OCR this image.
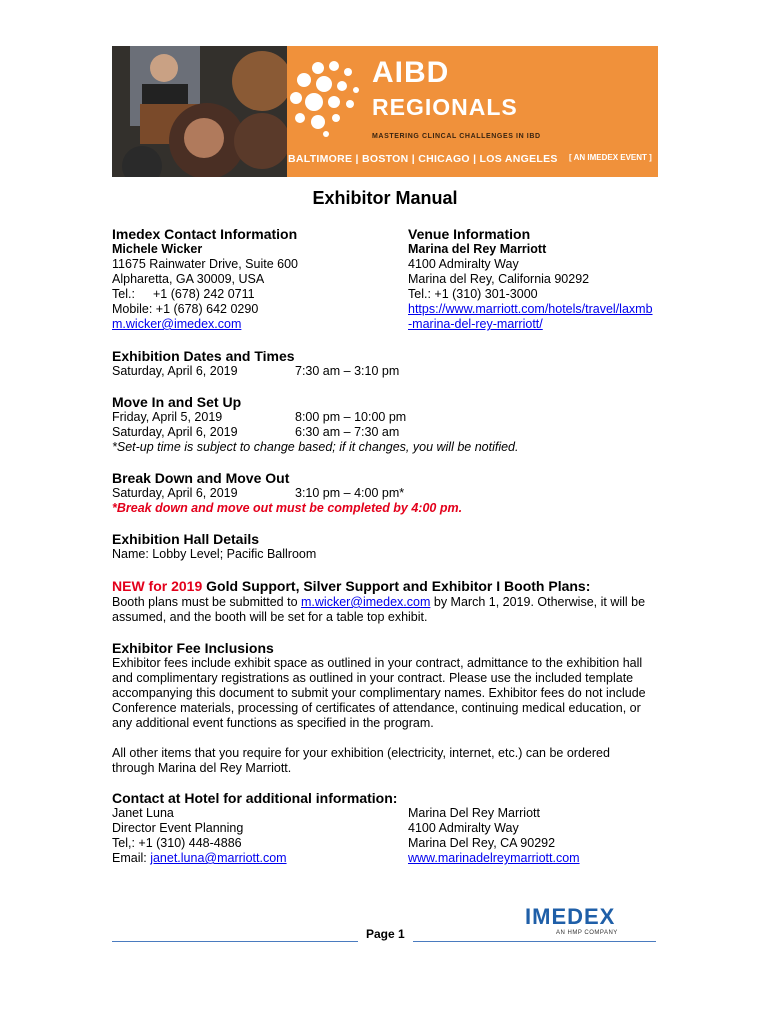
AIBD
REGIONALS
MASTERING CLINCAL CHALLENGES IN IBD
BALTIMORE | BOSTON | CHICAGO | LOS ANGELES [ AN IMEDEX EVENT ]
Exhibitor Manual
Imedex Contact Information
Michele Wicker
11675 Rainwater Drive, Suite 600
Alpharetta, GA 30009, USA
Tel.: +1 (678) 242 0711
Mobile: +1 (678) 642 0290
m.wicker@imedex.com
Venue Information
Marina del Rey Marriott
4100 Admiralty Way
Marina del Rey, California 90292
Tel.: +1 (310) 301-3000
https://www.marriott.com/hotels/travel/laxmb
-marina-del-rey-marriott/
Exhibition Dates and Times
Saturday, April 6, 2019	7:30 am – 3:10 pm
Move In and Set Up
Friday, April 5, 2019	8:00 pm – 10:00 pm
Saturday, April 6, 2019	6:30 am – 7:30 am
*Set-up time is subject to change based; if it changes, you will be notified.
Break Down and Move Out
Saturday, April 6, 2019	3:10 pm – 4:00 pm*
*Break down and move out must be completed by 4:00 pm.
Exhibition Hall Details
Name: Lobby Level; Pacific Ballroom
NEW for 2019 Gold Support, Silver Support and Exhibitor I Booth Plans:
Booth plans must be submitted to m.wicker@imedex.com by March 1, 2019. Otherwise, it will be
assumed, and the booth will be set for a table top exhibit.
Exhibitor Fee Inclusions
Exhibitor fees include exhibit space as outlined in your contract, admittance to the exhibition hall
and complimentary registrations as outlined in your contract. Please use the included template
accompanying this document to submit your complimentary names. Exhibitor fees do not include
Conference materials, processing of certificates of attendance, continuing medical education, or
any additional event functions as specified in the program.
All other items that you require for your exhibition (electricity, internet, etc.) can be ordered
through Marina del Rey Marriott.
Contact at Hotel for additional information:
Janet Luna
Director Event Planning
Tel,: +1 (310) 448-4886
Email: janet.luna@marriott.com
Marina Del Rey Marriott
4100 Admiralty Way
Marina Del Rey, CA 90292
www.marinadelreymarriott.com
IMEDEX
AN HMP COMPANY
Page 1
